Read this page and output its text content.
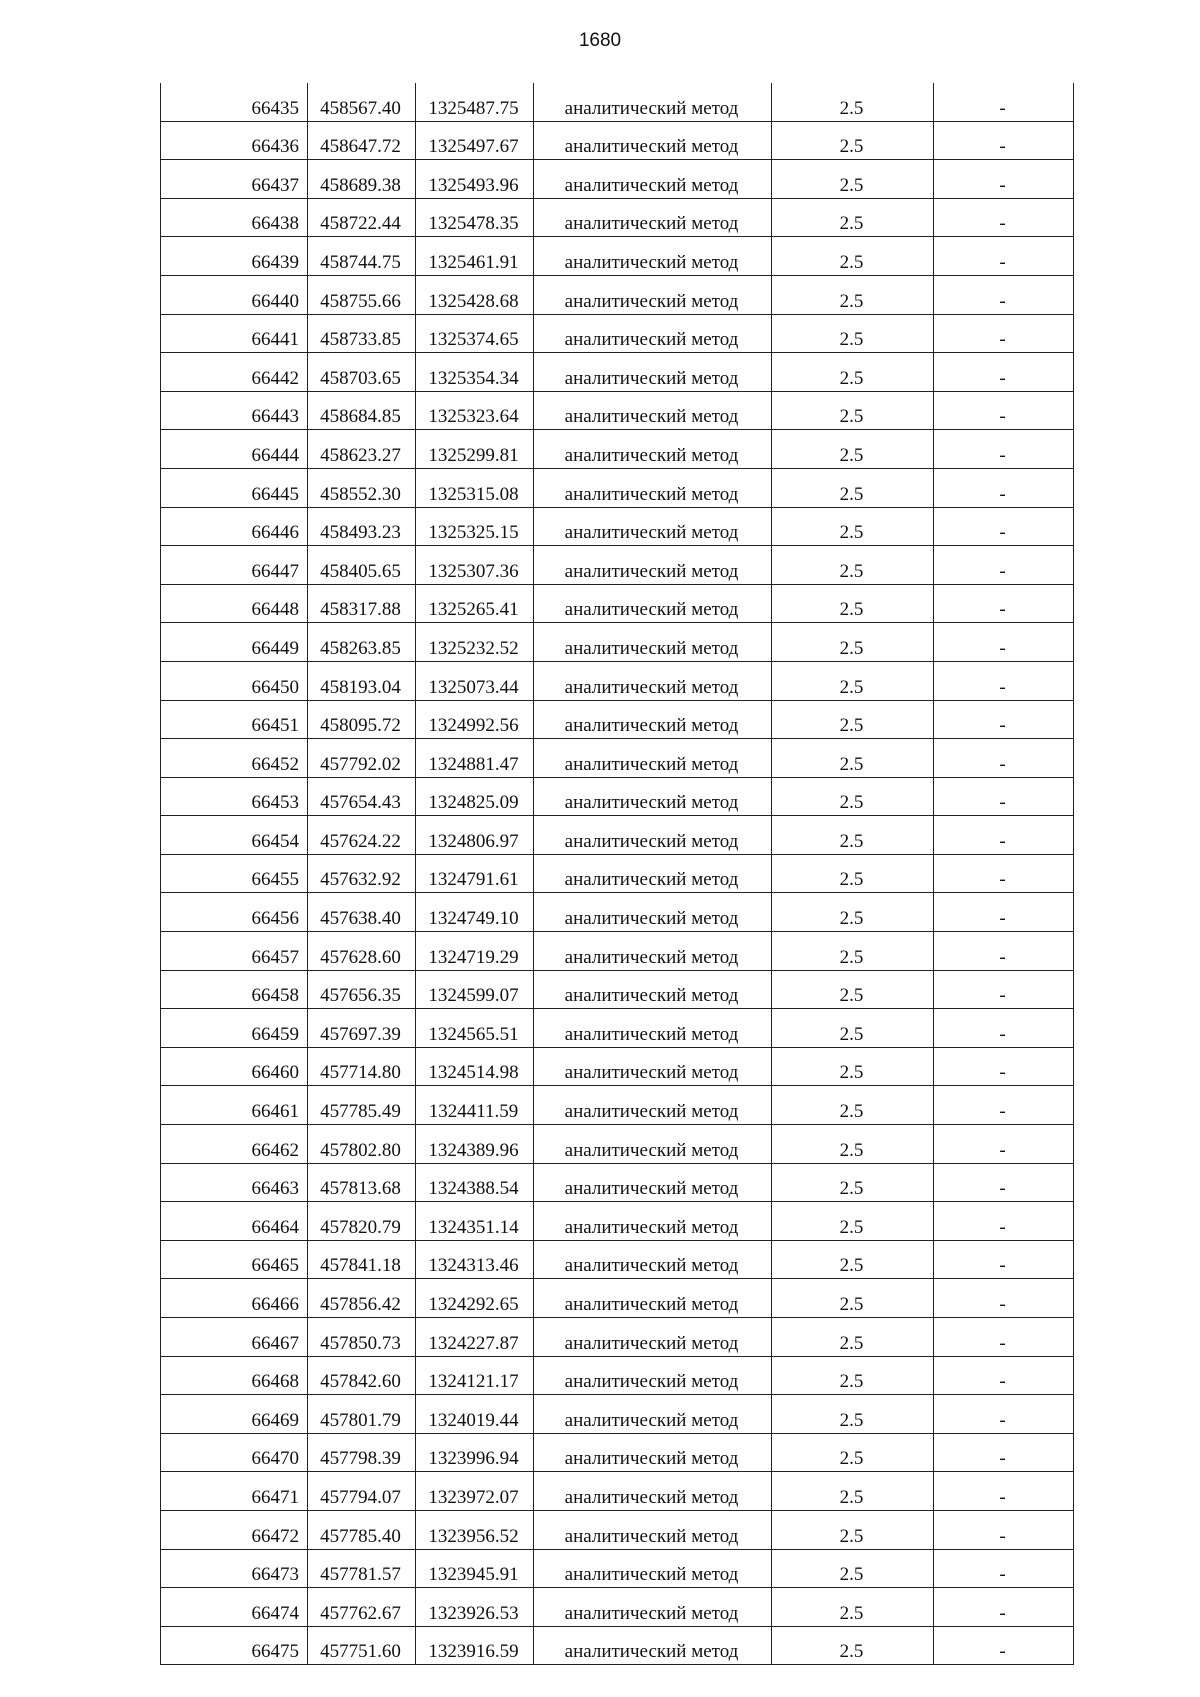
1680
66435	458567.40	1325487.75	аналитический метод	2.5	-
66436	458647.72	1325497.67	аналитический метод	2.5	-
66437	458689.38	1325493.96	аналитический метод	2.5	-
66438	458722.44	1325478.35	аналитический метод	2.5	-
66439	458744.75	1325461.91	аналитический метод	2.5	-
66440	458755.66	1325428.68	аналитический метод	2.5	-
66441	458733.85	1325374.65	аналитический метод	2.5	-
66442	458703.65	1325354.34	аналитический метод	2.5	-
66443	458684.85	1325323.64	аналитический метод	2.5	-
66444	458623.27	1325299.81	аналитический метод	2.5	-
66445	458552.30	1325315.08	аналитический метод	2.5	-
66446	458493.23	1325325.15	аналитический метод	2.5	-
66447	458405.65	1325307.36	аналитический метод	2.5	-
66448	458317.88	1325265.41	аналитический метод	2.5	-
66449	458263.85	1325232.52	аналитический метод	2.5	-
66450	458193.04	1325073.44	аналитический метод	2.5	-
66451	458095.72	1324992.56	аналитический метод	2.5	-
66452	457792.02	1324881.47	аналитический метод	2.5	-
66453	457654.43	1324825.09	аналитический метод	2.5	-
66454	457624.22	1324806.97	аналитический метод	2.5	-
66455	457632.92	1324791.61	аналитический метод	2.5	-
66456	457638.40	1324749.10	аналитический метод	2.5	-
66457	457628.60	1324719.29	аналитический метод	2.5	-
66458	457656.35	1324599.07	аналитический метод	2.5	-
66459	457697.39	1324565.51	аналитический метод	2.5	-
66460	457714.80	1324514.98	аналитический метод	2.5	-
66461	457785.49	1324411.59	аналитический метод	2.5	-
66462	457802.80	1324389.96	аналитический метод	2.5	-
66463	457813.68	1324388.54	аналитический метод	2.5	-
66464	457820.79	1324351.14	аналитический метод	2.5	-
66465	457841.18	1324313.46	аналитический метод	2.5	-
66466	457856.42	1324292.65	аналитический метод	2.5	-
66467	457850.73	1324227.87	аналитический метод	2.5	-
66468	457842.60	1324121.17	аналитический метод	2.5	-
66469	457801.79	1324019.44	аналитический метод	2.5	-
66470	457798.39	1323996.94	аналитический метод	2.5	-
66471	457794.07	1323972.07	аналитический метод	2.5	-
66472	457785.40	1323956.52	аналитический метод	2.5	-
66473	457781.57	1323945.91	аналитический метод	2.5	-
66474	457762.67	1323926.53	аналитический метод	2.5	-
66475	457751.60	1323916.59	аналитический метод	2.5	-
